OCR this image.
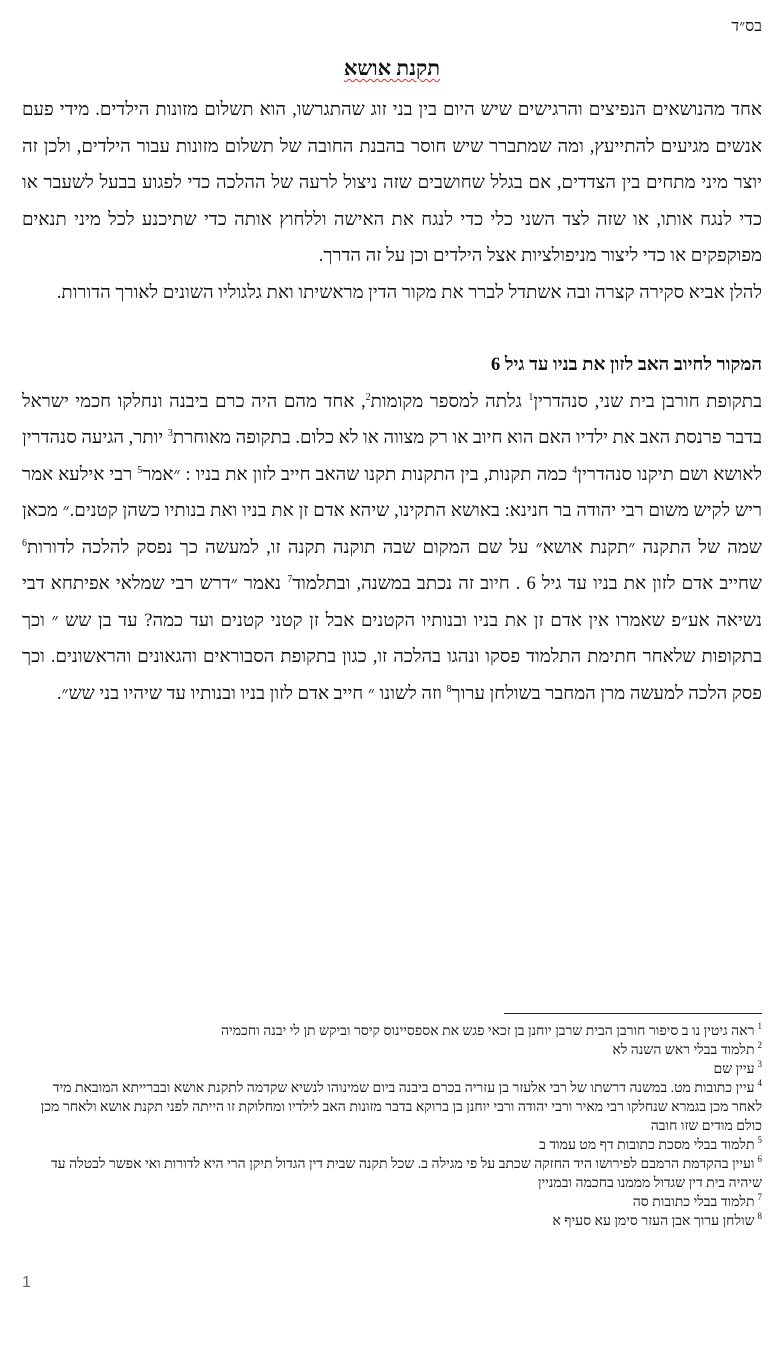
בס״ד
תקנת אושא

אחד מהנושאים הנפיצים והרגישים שיש היום בין בני זוג שהתגרשו, הוא תשלום מזונות הילדים. מידי פעם אנשים מגיעים להתייעץ, ומה שמתברר שיש חוסר בהבנת החובה של תשלום מזונות עבור הילדים, ולכן זה יוצר מיני מתחים בין הצדדים, אם בגלל שחושבים שזה ניצול לרעה של ההלכה כדי לפגוע בבעל לשעבר או כדי לנגח אותו, או שזה לצד השני כלי כדי לנגח את האישה וללחוץ אותה כדי שתיכנע לכל מיני תנאים מפוקפקים או כדי ליצור מניפולציות אצל הילדים וכן על זה הדרך.

להלן אביא סקירה קצרה ובה אשתדל לברר את מקור הדין מראשיתו ואת גלגוליו השונים לאורך הדורות.

המקור לחיוב האב לזון את בניו עד גיל 6

בתקופת חורבן בית שני, סנהדרין$^1$ גלתה למספר מקומות$^2$, אחד מהם היה כרם ביבנה ונחלקו חכמי ישראל בדבר פרנסת האב את ילדיו האם הוא חיוב או רק מצווה או לא כלום. בתקופה מאוחרת$^3$ יותר, הגיעה סנהדרין לאושא ושם תיקנו סנהדרין$^4$ כמה תקנות, בין התקנות תקנו שהאב חייב לזון את בניו : ״אמר$^5$ רבי אילעא אמר ריש לקיש משום רבי יהודה בר חנינא: באושא התקינו, שיהא אדם זן את בניו ואת בנותיו כשהן קטנים.״ מכאן שמה של התקנה ״תקנת אושא״ על שם המקום שבה תוקנה תקנה זו, למעשה כך נפסק להלכה לדורות$^6$ שחייב אדם לזון את בניו עד גיל 6 . חיוב זה נכתב במשנה, ובתלמוד$^7$ נאמר ״דרש רבי שמלאי אפיתחא דבי נשיאה אע״פ שאמרו אין אדם זן את בניו ובנותיו הקטנים אבל זן קטני קטנים ועד כמה? עד בן שש ״ וכך בתקופות שלאחר חתימת התלמוד פסקו ונהגו בהלכה זו, כגון בתקופת הסבוראים והגאונים והראשונים. וכך פסק הלכה למעשה מרן המחבר בשולחן ערוך$^8$ וזה לשונו ״ חייב אדם לזון בניו ובנותיו עד שיהיו בני שש״.

$^1$ראה גיטין נו ב סיפור חורבן הבית שרבן יוחנן בן זכאי פגש את אספסיינוס קיסר וביקש תן לי יבנה וחכמיה

$^2$תלמוד בבלי ראש השנה לא

$^3$עיין שם

$^4$עיין כתובות מט. במשנה דרשתו של רבי אלעזר בן עזריה בכרם ביבנה ביום שמינוהו לנשיא שקדמה לתקנת אושא ובברייתא המובאת מיד לאחר מכן בגמרא שנחלקו רבי מאיר ורבי יהודה ורבי יוחנן בן ברוקא בדבר מזונות האב לילדיו ומחלוקת זו הייתה לפני תקנת אושא ולאחר מכן כולם מודים שזו חובה

$^5$תלמוד בבלי מסכת כתובות דף מט עמוד ב

$^6$ועיין בהקדמת הרמבם לפירושו היד החזקה שכתב על פי מגילה ב. שכל תקנה שבית דין הגדול תיקן הרי היא לדורות ואי אפשר לבטלה עד שיהיה בית דין שגדול מממנו בחכמה ובמניין

$^7$תלמוד בבלי כתובות סה

$^8$שולחן ערוך אבן העזר סימן עא סעיף א

1
